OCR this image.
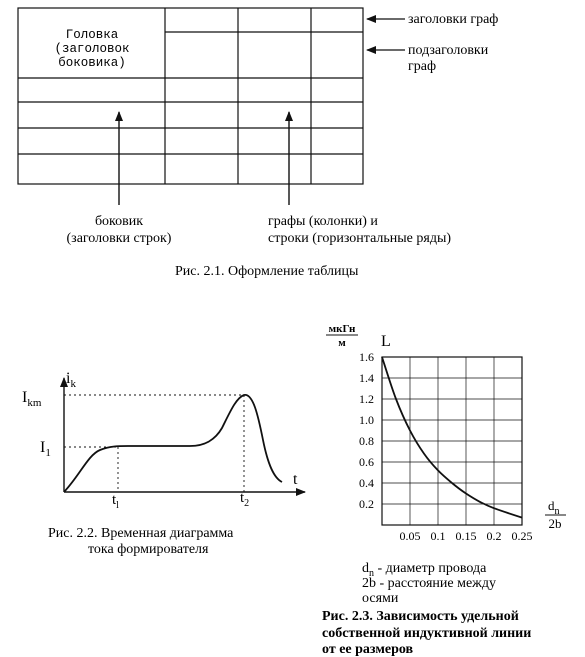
Головка
(заголовок
боковика)
заголовки граф
подзаголовки
граф
боковик
(заголовки строк)
графы (колонки) и
строки (горизонтальные ряды)
Рис. 2.1. Оформление таблицы
$i_k$
$I_{km}$
$I_1$
t
$t_l$	$t_2$
Рис. 2.2. Временная диаграмма
тока формирователя
1.6
1.4
1.2
1.0
0.8
0.6
0.4
0.2
0.05 0.1 0.15 0.2 0.25
мкГн
м L
$d_n$
2b
$d_n$ - диаметр провода
2b - расстояние между
осями
Рис. 2.3. Зависимость удельной
собственной индуктивной линии
от ее размеров
